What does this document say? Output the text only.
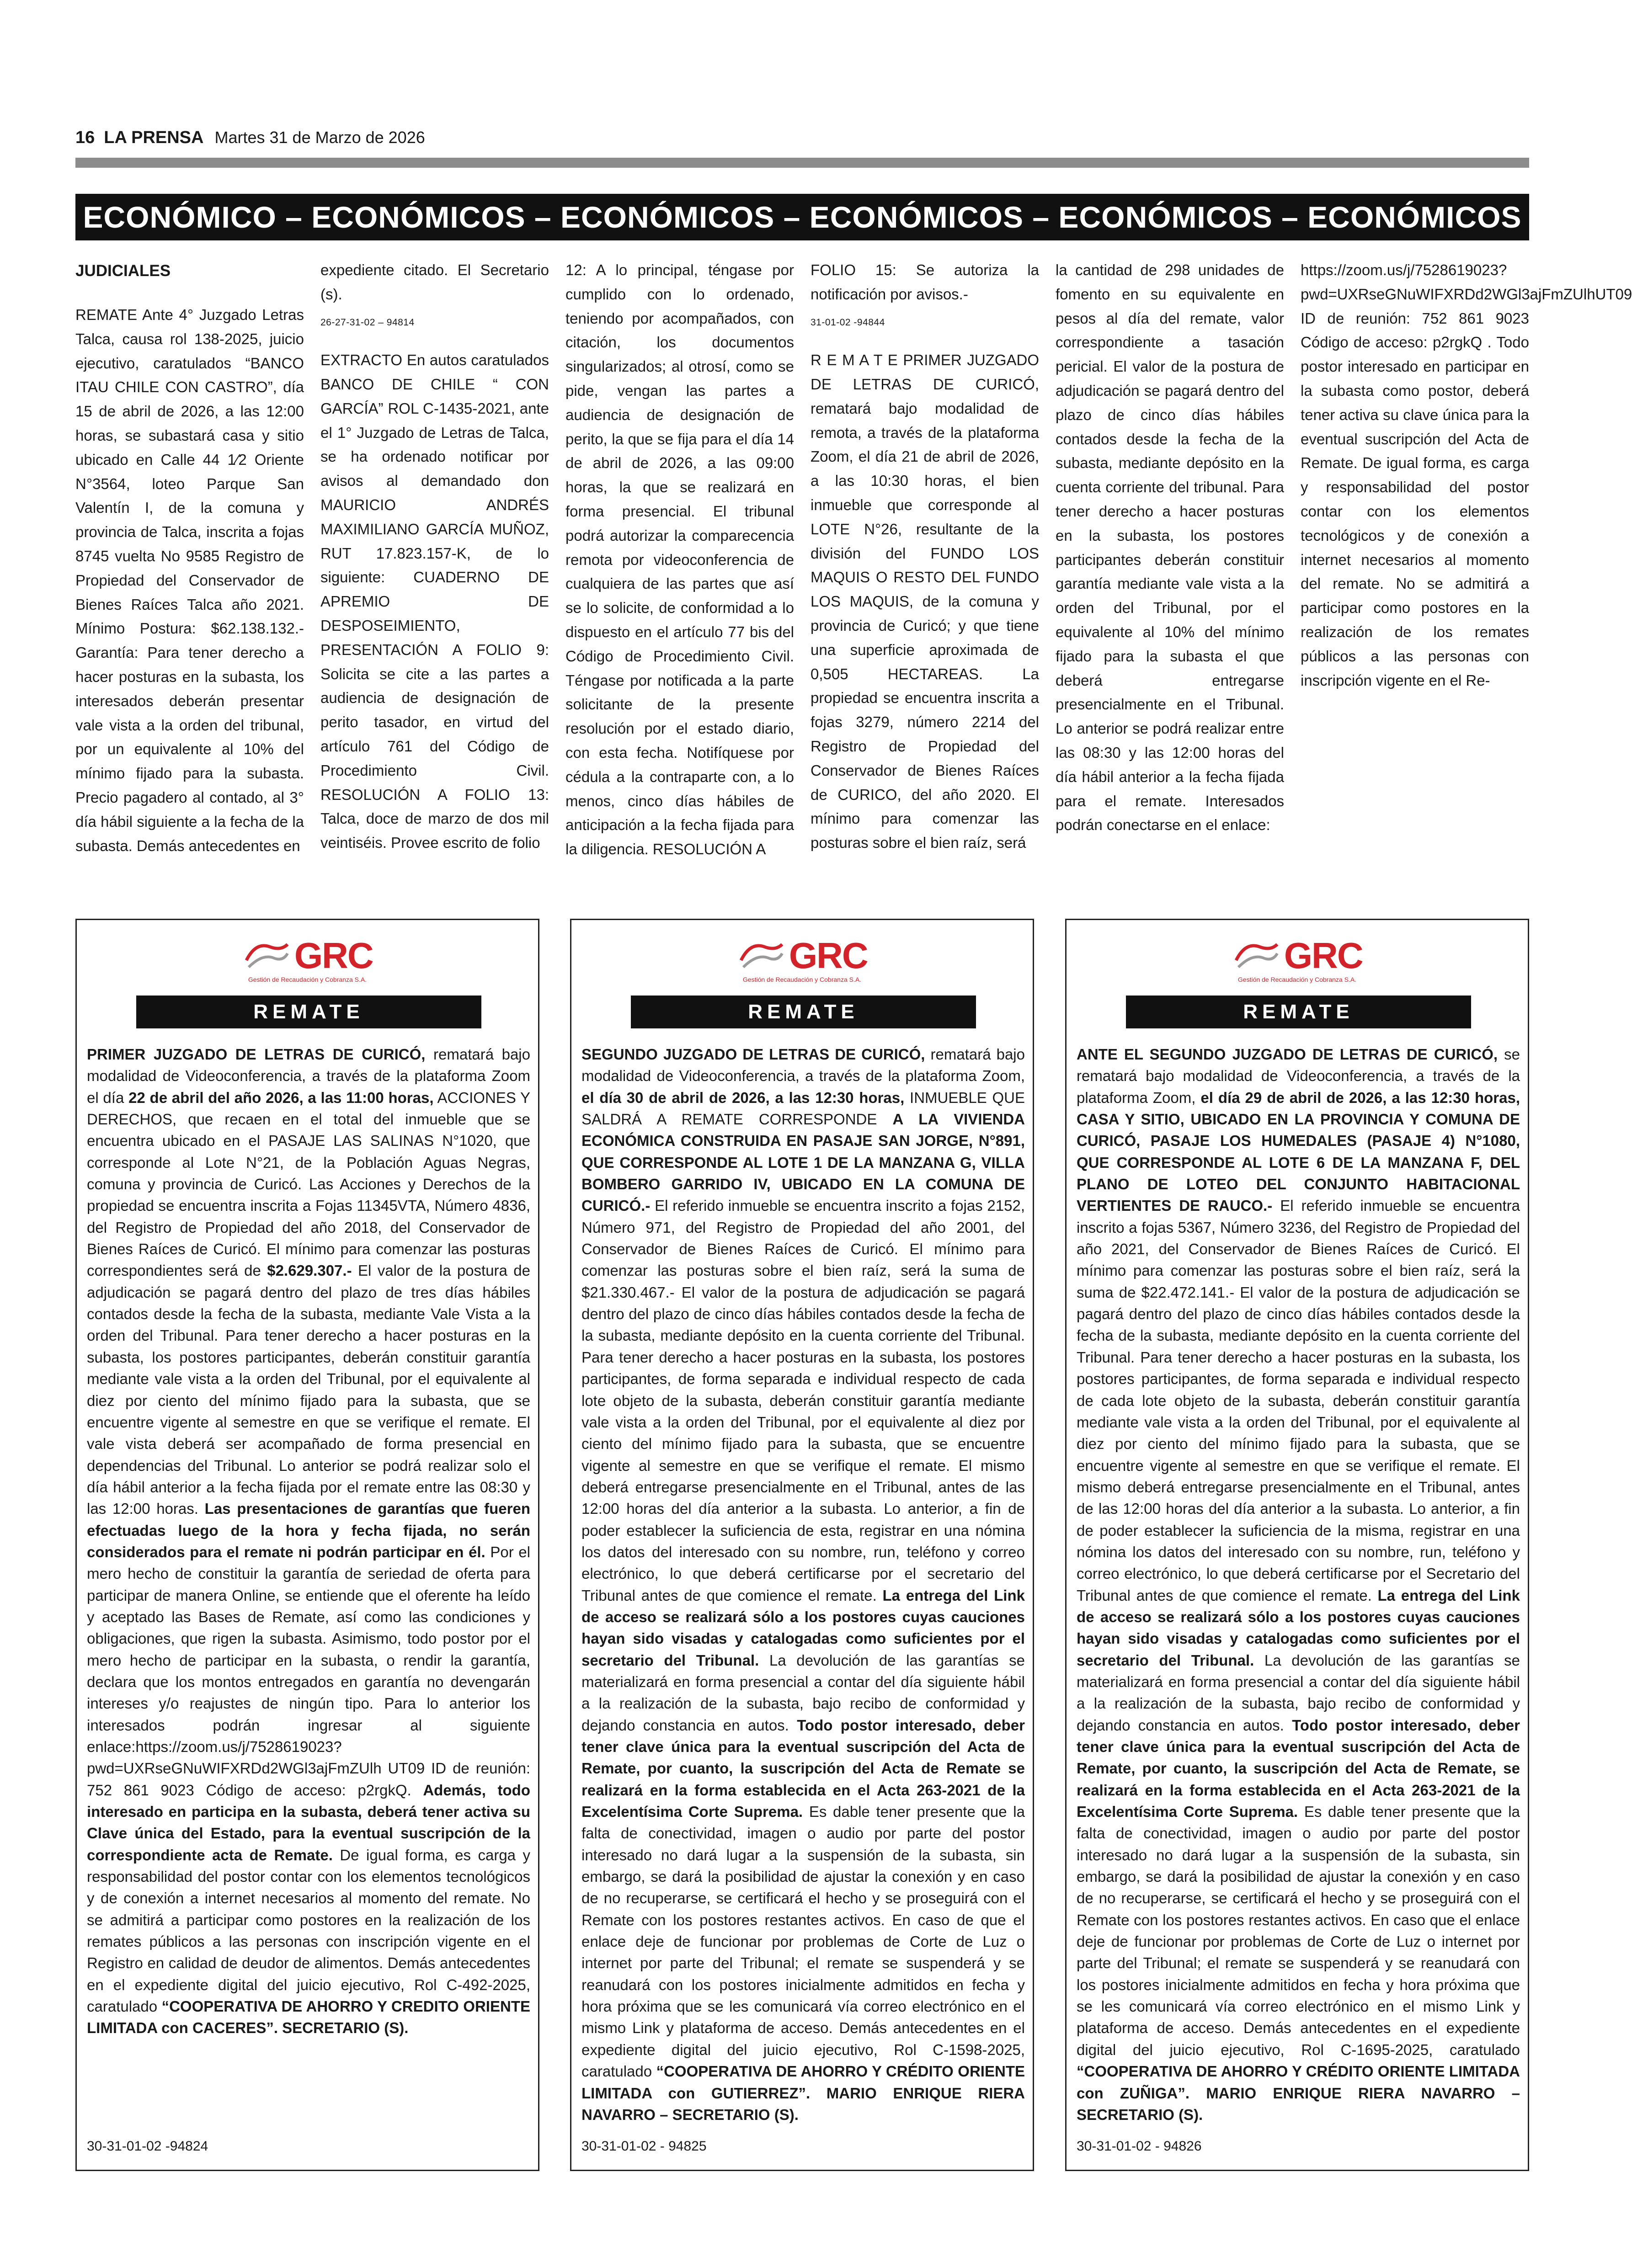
16 LA PRENSA Martes 31 de Marzo de 2026
ECONÓMICO – ECONÓMICOS – ECONÓMICOS – ECONÓMICOS – ECONÓMICOS – ECONÓMICOS

JUDICIALES

REMATE Ante 4° Juzgado Letras Talca, causa rol 138-2025, juicio ejecutivo, caratulados “BANCO ITAU CHILE CON CASTRO”, día 15 de abril de 2026, a las 12:00 horas, se subastará casa y sitio ubicado en Calle 44 1⁄2 Oriente N°3564, loteo Parque San Valentín I, de la comuna y provincia de Talca, inscrita a fojas 8745 vuelta No 9585 Registro de Propiedad del Conservador de Bienes Raíces Talca año 2021. Mínimo Postura: $62.138.132.- Garantía: Para tener derecho a hacer posturas en la subasta, los interesados deberán presentar vale vista a la orden del tribunal, por un equivalente al 10% del mínimo fijado para la subasta. Precio pagadero al contado, al 3° día hábil siguiente a la fecha de la subasta. Demás antecedentes en

expediente citado. El Secretario (s).

26-27-31-02 – 94814

EXTRACTO En autos caratulados BANCO DE CHILE “ CON GARCÍA” ROL C-1435-2021, ante el 1° Juzgado de Letras de Talca, se ha ordenado notificar por avisos al demandado don MAURICIO ANDRÉS MAXIMILIANO GARCÍA MUÑOZ, RUT 17.823.157-K, de lo siguiente: CUADERNO DE APREMIO DE DESPOSEIMIENTO, PRESENTACIÓN A FOLIO 9: Solicita se cite a las partes a audiencia de designación de perito tasador, en virtud del artículo 761 del Código de Procedimiento Civil. RESOLUCIÓN A FOLIO 13: Talca, doce de marzo de dos mil veintiséis. Provee escrito de folio

12: A lo principal, téngase por cumplido con lo ordenado, teniendo por acompañados, con citación, los documentos singularizados; al otrosí, como se pide, vengan las partes a audiencia de designación de perito, la que se fija para el día 14 de abril de 2026, a las 09:00 horas, la que se realizará en forma presencial. El tribunal podrá autorizar la comparecencia remota por videoconferencia de cualquiera de las partes que así se lo solicite, de conformidad a lo dispuesto en el artículo 77 bis del Código de Procedimiento Civil. Téngase por notificada a la parte solicitante de la presente resolución por el estado diario, con esta fecha. Notifíquese por cédula a la contraparte con, a lo menos, cinco días hábiles de anticipación a la fecha fijada para la diligencia. RESOLUCIÓN A

FOLIO 15: Se autoriza la notificación por avisos.-

31-01-02 -94844

R E M A T E PRIMER JUZGADO DE LETRAS DE CURICÓ, rematará bajo modalidad de remota, a través de la plataforma Zoom, el día 21 de abril de 2026, a las 10:30 horas, el bien inmueble que corresponde al LOTE N°26, resultante de la división del FUNDO LOS MAQUIS O RESTO DEL FUNDO LOS MAQUIS, de la comuna y provincia de Curicó; y que tiene una superficie aproximada de 0,505 HECTAREAS. La propiedad se encuentra inscrita a fojas 3279, número 2214 del Registro de Propiedad del Conservador de Bienes Raíces de CURICO, del año 2020. El mínimo para comenzar las posturas sobre el bien raíz, será

la cantidad de 298 unidades de fomento en su equivalente en pesos al día del remate, valor correspondiente a tasación pericial. El valor de la postura de adjudicación se pagará dentro del plazo de cinco días hábiles contados desde la fecha de la subasta, mediante depósito en la cuenta corriente del tribunal. Para tener derecho a hacer posturas en la subasta, los postores participantes deberán constituir garantía mediante vale vista a la orden del Tribunal, por el equivalente al 10% del mínimo fijado para la subasta el que deberá entregarse presencialmente en el Tribunal. Lo anterior se podrá realizar entre las 08:30 y las 12:00 horas del día hábil anterior a la fecha fijada para el remate. Interesados podrán conectarse en el enlace:

https://zoom.us/j/7528619023?pwd=UXRseGNuWIFXRDd2WGl3ajFmZUlhUT09 ID de reunión: 752 861 9023 Código de acceso: p2rgkQ . Todo postor interesado en participar en la subasta como postor, deberá tener activa su clave única para la eventual suscripción del Acta de Remate. De igual forma, es carga y responsabilidad del postor contar con los elementos tecnológicos y de conexión a internet necesarios al momento del remate. No se admitirá a participar como postores en la realización de los remates públicos a las personas con inscripción vigente en el Re-

GRC
Gestión de Recaudación y Cobranza S.A.
REMATE
PRIMER JUZGADO DE LETRAS DE CURICÓ, rematará bajo modalidad de Videoconferencia, a través de la plataforma Zoom el día 22 de abril del año 2026, a las 11:00 horas, ACCIONES Y DERECHOS, que recaen en el total del inmueble que se encuentra ubicado en el PASAJE LAS SALINAS N°1020, que corresponde al Lote N°21, de la Población Aguas Negras, comuna y provincia de Curicó. Las Acciones y Derechos de la propiedad se encuentra inscrita a Fojas 11345VTA, Número 4836, del Registro de Propiedad del año 2018, del Conservador de Bienes Raíces de Curicó. El mínimo para comenzar las posturas correspondientes será de $2.629.307.- El valor de la postura de adjudicación se pagará dentro del plazo de tres días hábiles contados desde la fecha de la subasta, mediante Vale Vista a la orden del Tribunal. Para tener derecho a hacer posturas en la subasta, los postores participantes, deberán constituir garantía mediante vale vista a la orden del Tribunal, por el equivalente al diez por ciento del mínimo fijado para la subasta, que se encuentre vigente al semestre en que se verifique el remate. El vale vista deberá ser acompañado de forma presencial en dependencias del Tribunal. Lo anterior se podrá realizar solo el día hábil anterior a la fecha fijada por el remate entre las 08:30 y las 12:00 horas. Las presentaciones de garantías que fueren efectuadas luego de la hora y fecha fijada, no serán considerados para el remate ni podrán participar en él. Por el mero hecho de constituir la garantía de seriedad de oferta para participar de manera Online, se entiende que el oferente ha leído y aceptado las Bases de Remate, así como las condiciones y obligaciones, que rigen la subasta. Asimismo, todo postor por el mero hecho de participar en la subasta, o rendir la garantía, declara que los montos entregados en garantía no devengarán intereses y/o reajustes de ningún tipo. Para lo anterior los interesados podrán ingresar al siguiente enlace:https://zoom.us/j/7528619023?pwd=UXRseGNuWIFXRDd2WGl3ajFmZUlh UT09 ID de reunión: 752 861 9023 Código de acceso: p2rgkQ. Además, todo interesado en participa en la subasta, deberá tener activa su Clave única del Estado, para la eventual suscripción de la correspondiente acta de Remate. De igual forma, es carga y responsabilidad del postor contar con los elementos tecnológicos y de conexión a internet necesarios al momento del remate. No se admitirá a participar como postores en la realización de los remates públicos a las personas con inscripción vigente en el Registro en calidad de deudor de alimentos. Demás antecedentes en el expediente digital del juicio ejecutivo, Rol C-492-2025, caratulado “COOPERATIVA DE AHORRO Y CREDITO ORIENTE LIMITADA con CACERES”. SECRETARIO (S).
30-31-01-02 -94824
GRC
Gestión de Recaudación y Cobranza S.A.
REMATE
SEGUNDO JUZGADO DE LETRAS DE CURICÓ, rematará bajo modalidad de Videoconferencia, a través de la plataforma Zoom, el día 30 de abril de 2026, a las 12:30 horas, INMUEBLE QUE SALDRÁ A REMATE CORRESPONDE A LA VIVIENDA ECONÓMICA CONSTRUIDA EN PASAJE SAN JORGE, N°891, QUE CORRESPONDE AL LOTE 1 DE LA MANZANA G, VILLA BOMBERO GARRIDO IV, UBICADO EN LA COMUNA DE CURICÓ.- El referido inmueble se encuentra inscrito a fojas 2152, Número 971, del Registro de Propiedad del año 2001, del Conservador de Bienes Raíces de Curicó. El mínimo para comenzar las posturas sobre el bien raíz, será la suma de $21.330.467.- El valor de la postura de adjudicación se pagará dentro del plazo de cinco días hábiles contados desde la fecha de la subasta, mediante depósito en la cuenta corriente del Tribunal. Para tener derecho a hacer posturas en la subasta, los postores participantes, de forma separada e individual respecto de cada lote objeto de la subasta, deberán constituir garantía mediante vale vista a la orden del Tribunal, por el equivalente al diez por ciento del mínimo fijado para la subasta, que se encuentre vigente al semestre en que se verifique el remate. El mismo deberá entregarse presencialmente en el Tribunal, antes de las 12:00 horas del día anterior a la subasta. Lo anterior, a fin de poder establecer la suficiencia de esta, registrar en una nómina los datos del interesado con su nombre, run, teléfono y correo electrónico, lo que deberá certificarse por el secretario del Tribunal antes de que comience el remate. La entrega del Link de acceso se realizará sólo a los postores cuyas cauciones hayan sido visadas y catalogadas como suficientes por el secretario del Tribunal. La devolución de las garantías se materializará en forma presencial a contar del día siguiente hábil a la realización de la subasta, bajo recibo de conformidad y dejando constancia en autos. Todo postor interesado, deber tener clave única para la eventual suscripción del Acta de Remate, por cuanto, la suscripción del Acta de Remate se realizará en la forma establecida en el Acta 263-2021 de la Excelentísima Corte Suprema. Es dable tener presente que la falta de conectividad, imagen o audio por parte del postor interesado no dará lugar a la suspensión de la subasta, sin embargo, se dará la posibilidad de ajustar la conexión y en caso de no recuperarse, se certificará el hecho y se proseguirá con el Remate con los postores restantes activos. En caso de que el enlace deje de funcionar por problemas de Corte de Luz o internet por parte del Tribunal; el remate se suspenderá y se reanudará con los postores inicialmente admitidos en fecha y hora próxima que se les comunicará vía correo electrónico en el mismo Link y plataforma de acceso. Demás antecedentes en el expediente digital del juicio ejecutivo, Rol C-1598-2025, caratulado “COOPERATIVA DE AHORRO Y CRÉDITO ORIENTE LIMITADA con GUTIERREZ”. MARIO ENRIQUE RIERA NAVARRO – SECRETARIO (S).
30-31-01-02 - 94825
GRC
Gestión de Recaudación y Cobranza S.A.
REMATE
ANTE EL SEGUNDO JUZGADO DE LETRAS DE CURICÓ, se rematará bajo modalidad de Videoconferencia, a través de la plataforma Zoom, el día 29 de abril de 2026, a las 12:30 horas, CASA Y SITIO, UBICADO EN LA PROVINCIA Y COMUNA DE CURICÓ, PASAJE LOS HUMEDALES (PASAJE 4) N°1080, QUE CORRESPONDE AL LOTE 6 DE LA MANZANA F, DEL PLANO DE LOTEO DEL CONJUNTO HABITACIONAL VERTIENTES DE RAUCO.- El referido inmueble se encuentra inscrito a fojas 5367, Número 3236, del Registro de Propiedad del año 2021, del Conservador de Bienes Raíces de Curicó. El mínimo para comenzar las posturas sobre el bien raíz, será la suma de $22.472.141.- El valor de la postura de adjudicación se pagará dentro del plazo de cinco días hábiles contados desde la fecha de la subasta, mediante depósito en la cuenta corriente del Tribunal. Para tener derecho a hacer posturas en la subasta, los postores participantes, de forma separada e individual respecto de cada lote objeto de la subasta, deberán constituir garantía mediante vale vista a la orden del Tribunal, por el equivalente al diez por ciento del mínimo fijado para la subasta, que se encuentre vigente al semestre en que se verifique el remate. El mismo deberá entregarse presencialmente en el Tribunal, antes de las 12:00 horas del día anterior a la subasta. Lo anterior, a fin de poder establecer la suficiencia de la misma, registrar en una nómina los datos del interesado con su nombre, run, teléfono y correo electrónico, lo que deberá certificarse por el Secretario del Tribunal antes de que comience el remate. La entrega del Link de acceso se realizará sólo a los postores cuyas cauciones hayan sido visadas y catalogadas como suficientes por el secretario del Tribunal. La devolución de las garantías se materializará en forma presencial a contar del día siguiente hábil a la realización de la subasta, bajo recibo de conformidad y dejando constancia en autos. Todo postor interesado, deber tener clave única para la eventual suscripción del Acta de Remate, por cuanto, la suscripción del Acta de Remate, se realizará en la forma establecida en el Acta 263-2021 de la Excelentísima Corte Suprema. Es dable tener presente que la falta de conectividad, imagen o audio por parte del postor interesado no dará lugar a la suspensión de la subasta, sin embargo, se dará la posibilidad de ajustar la conexión y en caso de no recuperarse, se certificará el hecho y se proseguirá con el Remate con los postores restantes activos. En caso que el enlace deje de funcionar por problemas de Corte de Luz o internet por parte del Tribunal; el remate se suspenderá y se reanudará con los postores inicialmente admitidos en fecha y hora próxima que se les comunicará vía correo electrónico en el mismo Link y plataforma de acceso. Demás antecedentes en el expediente digital del juicio ejecutivo, Rol C-1695-2025, caratulado “COOPERATIVA DE AHORRO Y CRÉDITO ORIENTE LIMITADA con ZUÑIGA”. MARIO ENRIQUE RIERA NAVARRO – SECRETARIO (S).
30-31-01-02 - 94826
